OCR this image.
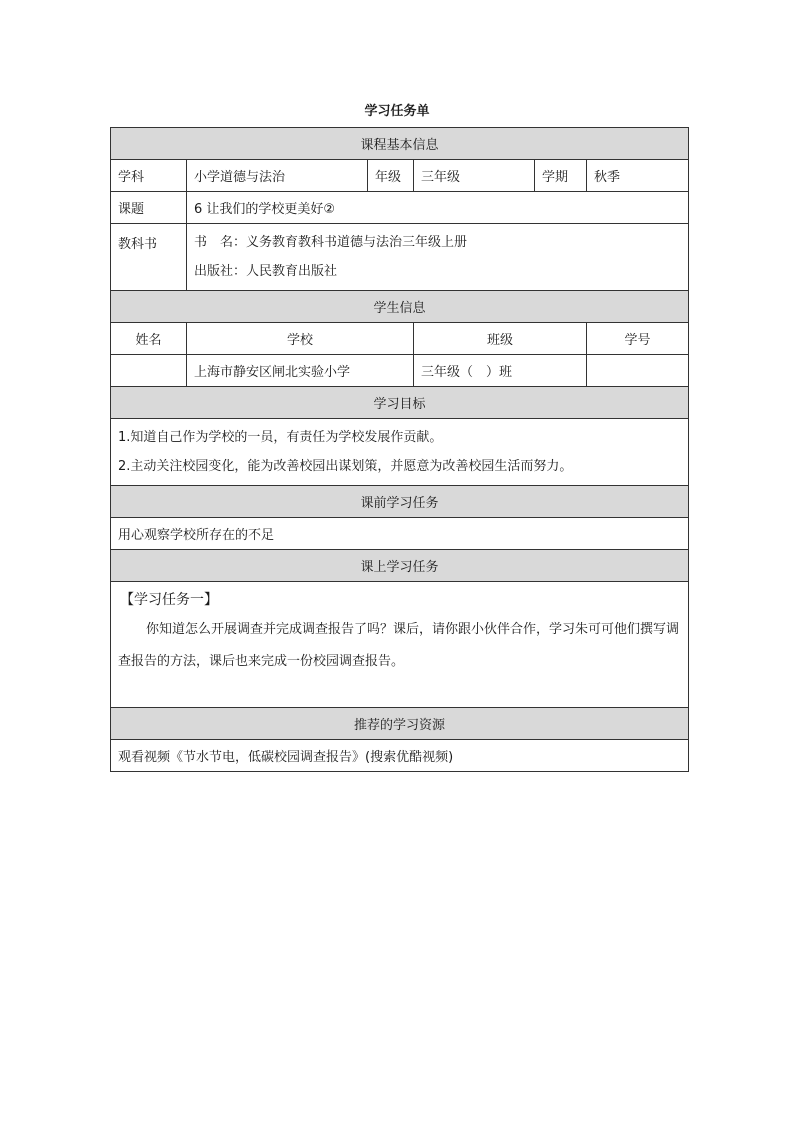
学习任务单
课程基本信息					
学科	小学道德与法治	年级	三年级	学期	秋季
课题	6 让我们的学校更美好②				
教科书	书　名：义务教育教科书道德与法治三年级上册
出版社：人民教育出版社				

学生信息					
姓名	学校		班级		学号
	上海市静安区闸北实验小学		三年级（　）班		
学习目标					

1.知道自己作为学校的一员，有责任为学校发展作贡献。
2.主动关注校园变化，能为改善校园出谋划策，并愿意为改善校园生活而努力。					

课前学习任务					
用心观察学校所存在的不足					
课上学习任务					

【学习任务一】
你知道怎么开展调查并完成调查报告了吗？课后，请你跟小伙伴合作，学习朱可可他们撰写调查报告的方法，课后也来完成一份校园调查报告。					

推荐的学习资源					
观看视频《节水节电，低碳校园调查报告》(搜索优酷视频)					
